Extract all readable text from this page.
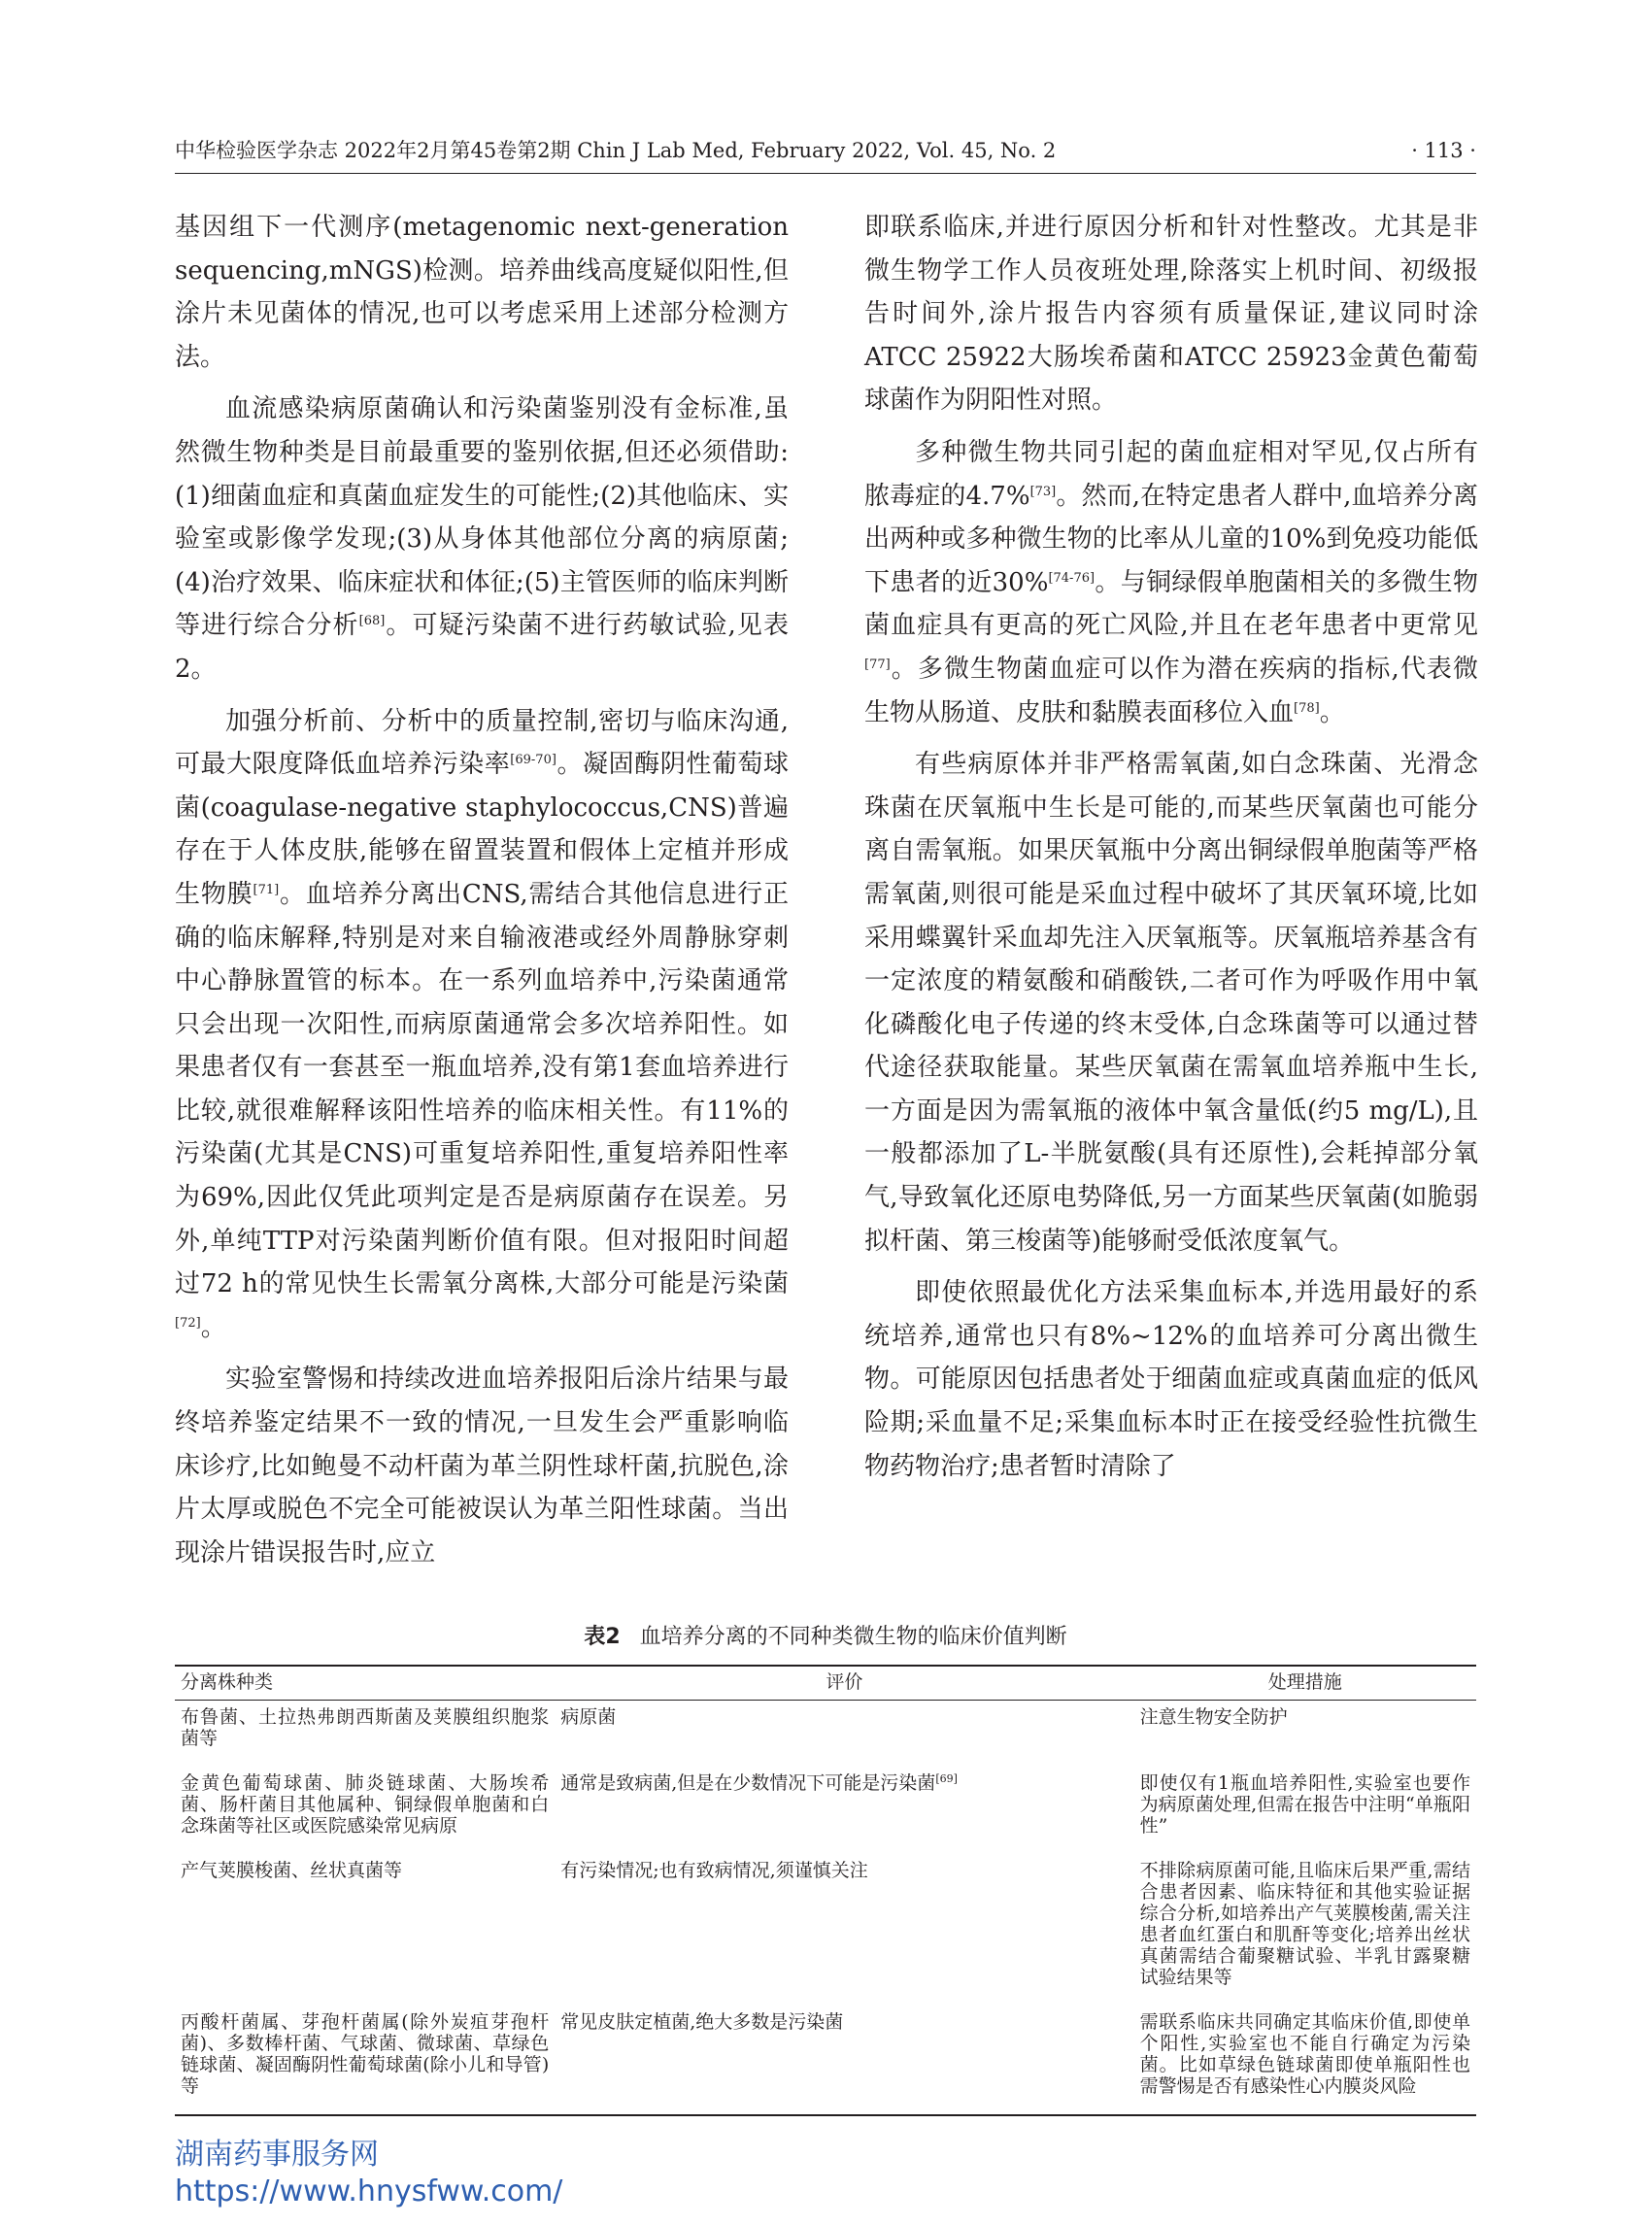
中华检验医学杂志 2022年2月第45卷第2期 Chin J Lab Med, February 2022, Vol. 45, No. 2	· 113 ·

基因组下一代测序(metagenomic next-generation sequencing,mNGS)检测。培养曲线高度疑似阳性,但涂片未见菌体的情况,也可以考虑采用上述部分检测方法。

血流感染病原菌确认和污染菌鉴别没有金标准,虽然微生物种类是目前最重要的鉴别依据,但还必须借助:(1)细菌血症和真菌血症发生的可能性;(2)其他临床、实验室或影像学发现;(3)从身体其他部位分离的病原菌;(4)治疗效果、临床症状和体征;(5)主管医师的临床判断等进行综合分析[68]。可疑污染菌不进行药敏试验,见表2。

加强分析前、分析中的质量控制,密切与临床沟通,可最大限度降低血培养污染率[69-70]。凝固酶阴性葡萄球菌(coagulase-negative staphylococcus,CNS)普遍存在于人体皮肤,能够在留置装置和假体上定植并形成生物膜[71]。血培养分离出CNS,需结合其他信息进行正确的临床解释,特别是对来自输液港或经外周静脉穿刺中心静脉置管的标本。在一系列血培养中,污染菌通常只会出现一次阳性,而病原菌通常会多次培养阳性。如果患者仅有一套甚至一瓶血培养,没有第1套血培养进行比较,就很难解释该阳性培养的临床相关性。有11%的污染菌(尤其是CNS)可重复培养阳性,重复培养阳性率为69%,因此仅凭此项判定是否是病原菌存在误差。另外,单纯TTP对污染菌判断价值有限。但对报阳时间超过72 h的常见快生长需氧分离株,大部分可能是污染菌[72]。

实验室警惕和持续改进血培养报阳后涂片结果与最终培养鉴定结果不一致的情况,一旦发生会严重影响临床诊疗,比如鲍曼不动杆菌为革兰阴性球杆菌,抗脱色,涂片太厚或脱色不完全可能被误认为革兰阳性球菌。当出现涂片错误报告时,应立

即联系临床,并进行原因分析和针对性整改。尤其是非微生物学工作人员夜班处理,除落实上机时间、初级报告时间外,涂片报告内容须有质量保证,建议同时涂ATCC 25922大肠埃希菌和ATCC 25923金黄色葡萄球菌作为阴阳性对照。

多种微生物共同引起的菌血症相对罕见,仅占所有脓毒症的4.7%[73]。然而,在特定患者人群中,血培养分离出两种或多种微生物的比率从儿童的10%到免疫功能低下患者的近30%[74-76]。与铜绿假单胞菌相关的多微生物菌血症具有更高的死亡风险,并且在老年患者中更常见[77]。多微生物菌血症可以作为潜在疾病的指标,代表微生物从肠道、皮肤和黏膜表面移位入血[78]。

有些病原体并非严格需氧菌,如白念珠菌、光滑念珠菌在厌氧瓶中生长是可能的,而某些厌氧菌也可能分离自需氧瓶。如果厌氧瓶中分离出铜绿假单胞菌等严格需氧菌,则很可能是采血过程中破坏了其厌氧环境,比如采用蝶翼针采血却先注入厌氧瓶等。厌氧瓶培养基含有一定浓度的精氨酸和硝酸铁,二者可作为呼吸作用中氧化磷酸化电子传递的终末受体,白念珠菌等可以通过替代途径获取能量。某些厌氧菌在需氧血培养瓶中生长,一方面是因为需氧瓶的液体中氧含量低(约5 mg/L),且一般都添加了L-半胱氨酸(具有还原性),会耗掉部分氧气,导致氧化还原电势降低,另一方面某些厌氧菌(如脆弱拟杆菌、第三梭菌等)能够耐受低浓度氧气。

即使依照最优化方法采集血标本,并选用最好的系统培养,通常也只有8%~12%的血培养可分离出微生物。可能原因包括患者处于细菌血症或真菌血症的低风险期;采血量不足;采集血标本时正在接受经验性抗微生物药物治疗;患者暂时清除了

表2 血培养分离的不同种类微生物的临床价值判断
分离株种类	评价	处理措施
布鲁菌、土拉热弗朗西斯菌及荚膜组织胞浆菌等	病原菌	注意生物安全防护
金黄色葡萄球菌、肺炎链球菌、大肠埃希菌、肠杆菌目其他属种、铜绿假单胞菌和白念珠菌等社区或医院感染常见病原	通常是致病菌,但是在少数情况下可能是污染菌[69]	即使仅有1瓶血培养阳性,实验室也要作为病原菌处理,但需在报告中注明“单瓶阳性”
产气荚膜梭菌、丝状真菌等	有污染情况;也有致病情况,须谨慎关注	不排除病原菌可能,且临床后果严重,需结合患者因素、临床特征和其他实验证据综合分析,如培养出产气荚膜梭菌,需关注患者血红蛋白和肌酐等变化;培养出丝状真菌需结合葡聚糖试验、半乳甘露聚糖试验结果等
丙酸杆菌属、芽孢杆菌属(除外炭疽芽孢杆菌)、多数棒杆菌、气球菌、微球菌、草绿色链球菌、凝固酶阴性葡萄球菌(除小儿和导管)等	常见皮肤定植菌,绝大多数是污染菌	需联系临床共同确定其临床价值,即使单个阳性,实验室也不能自行确定为污染菌。比如草绿色链球菌即使单瓶阳性也需警惕是否有感染性心内膜炎风险
湖南药事服务网
https://www.hnysfww.com/
